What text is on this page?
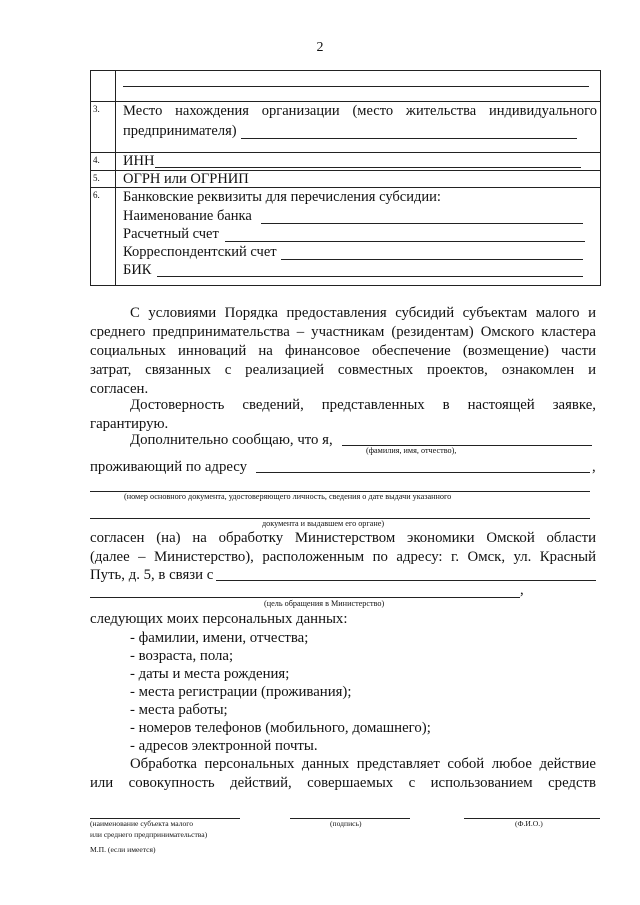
2
3.	Место нахождения организации (место жительства индивидуального
предпринимателя)
4.	ИНН
5.	ОГРН или ОГРНИП
6.	Банковские реквизиты для перечисления субсидии:
Наименование банка
Расчетный счет
Корреспондентский счет
БИК
С условиями Порядка предоставления субсидий субъектам малого и
среднего предпринимательства – участникам (резидентам) Омского кластера
социальных инноваций на финансовое обеспечение (возмещение) части
затрат, связанных с реализацией совместных проектов, ознакомлен и
согласен.
Достоверность сведений, представленных в настоящей заявке,
гарантирую.
Дополнительно сообщаю, что я,
(фамилия, имя, отчество),
проживающий по адресу	,
(номер основного документа, удостоверяющего личность, сведения о дате выдачи указанного
документа и выдавшем его органе)
согласен (на) на обработку Министерством экономики Омской области
(далее – Министерство), расположенным по адресу: г. Омск, ул. Красный
Путь, д. 5, в связи с
,
(цель обращения в Министерство)
следующих моих персональных данных:
- фамилии, имени, отчества;
- возраста, пола;
- даты и места рождения;
- места регистрации (проживания);
- места работы;
- номеров телефонов (мобильного, домашнего);
- адресов электронной почты.
Обработка персональных данных представляет собой любое действие
или совокупность действий, совершаемых с использованием средств
(наименование субъекта малого
или среднего предпринимательства)
(подпись)	(Ф.И.О.)
М.П. (если имеется)
